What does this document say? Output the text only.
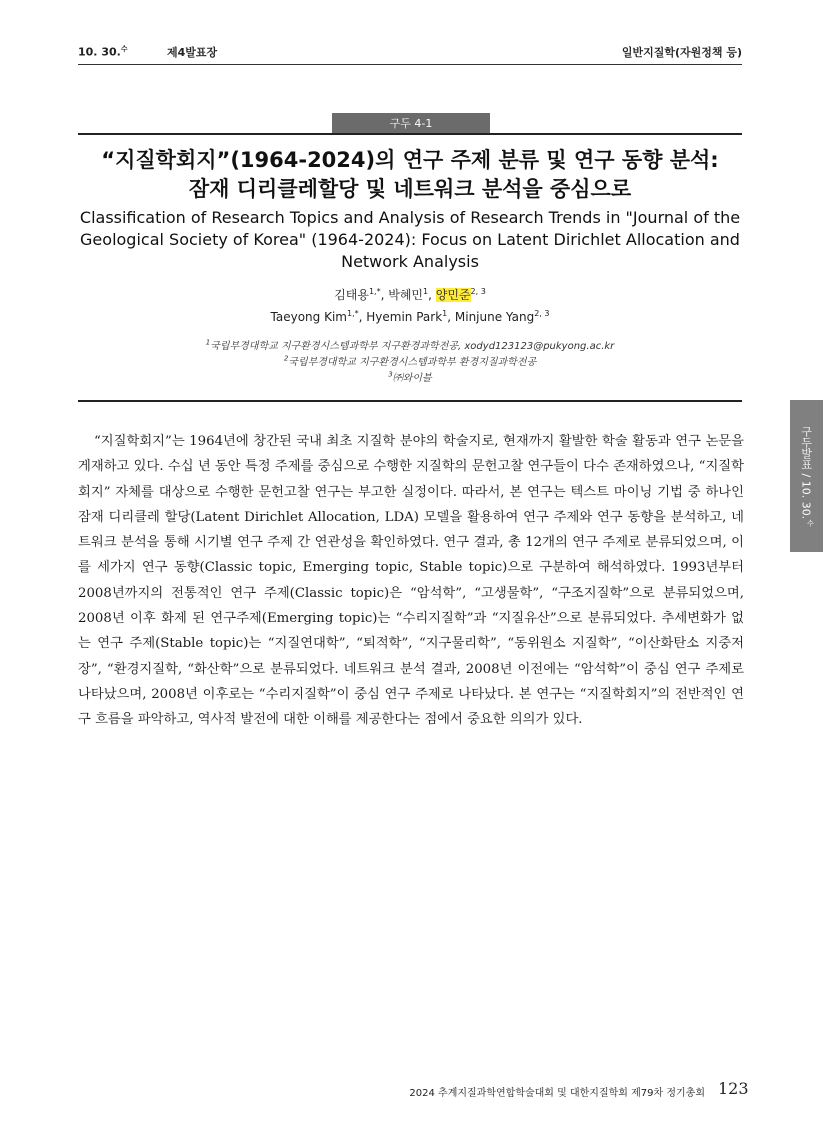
10. 30.$^수$	제4발표장	일반지질학(자원정책 등)
구두 4-1
“지질학회지”(1964-2024)의 연구 주제 분류 및 연구 동향 분석:
잠재 디리클레할당 및 네트워크 분석을 중심으로
Classification of Research Topics and Analysis of Research Trends in "Journal of the
Geological Society of Korea" (1964-2024): Focus on Latent Dirichlet Allocation and
Network Analysis
김태용$^{1,*}$, 박혜민$^1$, 양민준$^{2, 3}$
Taeyong Kim$^{1,*}$, Hyemin Park$^1$, Minjune Yang$^{2, 3}$
$^1$국립부경대학교 지구환경시스템과학부 지구환경과학전공, xodyd123123@pukyong.ac.kr
$^2$국립부경대학교 지구환경시스템과학부 환경지질과학전공
$^3$㈜와이블

“지질학회지”는 1964년에 창간된 국내 최초 지질학 분야의 학술지로, 현재까지 활발한 학술 활동과 연구 논문을 게재하고 있다. 수십 년 동안 특정 주제를 중심으로 수행한 지질학의 문헌고찰 연구들이 다수 존재하였으나, “지질학회지” 자체를 대상으로 수행한 문헌고찰 연구는 부고한 실정이다. 따라서, 본 연구는 텍스트 마이닝 기법 중 하나인 잠재 디리클레 할당(Latent Dirichlet Allocation, LDA) 모델을 활용하여 연구 주제와 연구 동향을 분석하고, 네트워크 분석을 통해 시기별 연구 주제 간 연관성을 확인하였다. 연구 결과, 총 12개의 연구 주제로 분류되었으며, 이를 세가지 연구 동향(Classic topic, Emerging topic, Stable topic)으로 구분하여 해석하였다. 1993년부터 2008년까지의 전통적인 연구 주제(Classic topic)은 “암석학”, “고생물학”, “구조지질학”으로 분류되었으며, 2008년 이후 화제 된 연구주제(Emerging topic)는 “수리지질학”과 “지질유산”으로 분류되었다. 추세변화가 없는 연구 주제(Stable topic)는 “지질연대학”, “퇴적학”, “지구물리학”, “동위원소 지질학”, “이산화탄소 지중저장”, “환경지질학, “화산학”으로 분류되었다. 네트워크 분석 결과, 2008년 이전에는 “암석학”이 중심 연구 주제로 나타났으며, 2008년 이후로는 “수리지질학”이 중심 연구 주제로 나타났다. 본 연구는 “지질학회지”의 전반적인 연구 흐름을 파악하고, 역사적 발전에 대한 이해를 제공한다는 점에서 중요한 의의가 있다.

구두발표 / 10. 30.$^수$
2024 추계지질과학연합학술대회 및 대한지질학회 제79차 정기총회 123
